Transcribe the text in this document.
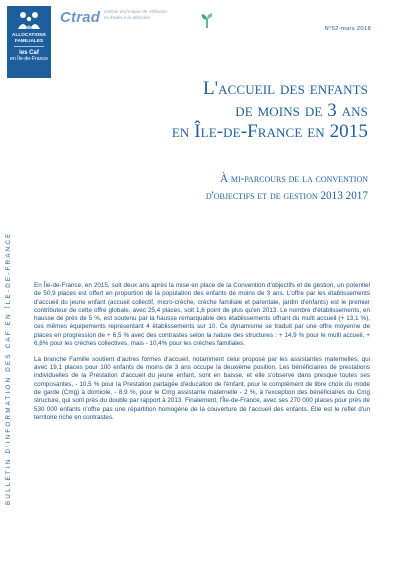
ALLOCATIONS
FAMILIALES
les Caf
en Île-de-France
Ctrad Cellule technique de réflexion
et d'aide à la décision
N°52-mars 2018
BULLETIN D'INFORMATION DES CAF EN ÎLE-DE-FRANCE
L'accueil des enfants
de moins de 3 ans
en Île-de-France en 2015
À mi-parcours de la convention
d'objectifs et de gestion 2013 2017

En Île-de-France, en 2015, soit deux ans après la mise en place de la Convention d'objectifs et de gestion, un potentiel de 50,9 places est offert en proportion de la population des enfants de moins de 3 ans. L'offre par les établissements d'accueil du jeune enfant (accueil collectif, micro-crèche, crèche familiale et parentale, jardin d'enfants) est le premier contributeur de cette offre globale, avec 25,4 places, soit 1,6 point de plus qu'en 2013. Le nombre d'établissements, en hausse de près de 5 %, est soutenu par la hausse remarquable des établissements offrant du multi accueil (+ 13,1 %), ces mêmes équipements représentant 4 établissements sur 10. Ce dynamisme se traduit par une offre moyenne de places en progression de + 6,5 % avec des contrastes selon la nature des structures : + 14,9 % pour le multi accueil, + 6,8% pour les crèches collectives, mais - 10,4% pour les crèches familiales.

La branche Famille soutient d'autres formes d'accueil, notamment celui proposé par les assistantes maternelles, qui avec 19,1 places pour 100 enfants de moins de 3 ans occupe la deuxième position. Les bénéficiaires de prestations individuelles de la Prestation d'accueil du jeune enfant, sont en baisse, et elle s'observe dans presque toutes ses composantes, - 10,5 % pour la Prestation partagée d'éducation de l'enfant, pour le complément de libre choix du mode de garde (Cmg) à domicile, - 8,9 %, pour le Cmg assistante maternelle - 2 %, à l'exception des bénéficiaires du Cmg structure, qui sont près du double par rapport à 2013. Finalement, l'Île-de-France, avec ses 270 000 places pour près de 530 000 enfants n'offre pas une répartition homogène de la couverture de l'accueil des enfants. Elle est le reflet d'un territoire riche en contrastes.
